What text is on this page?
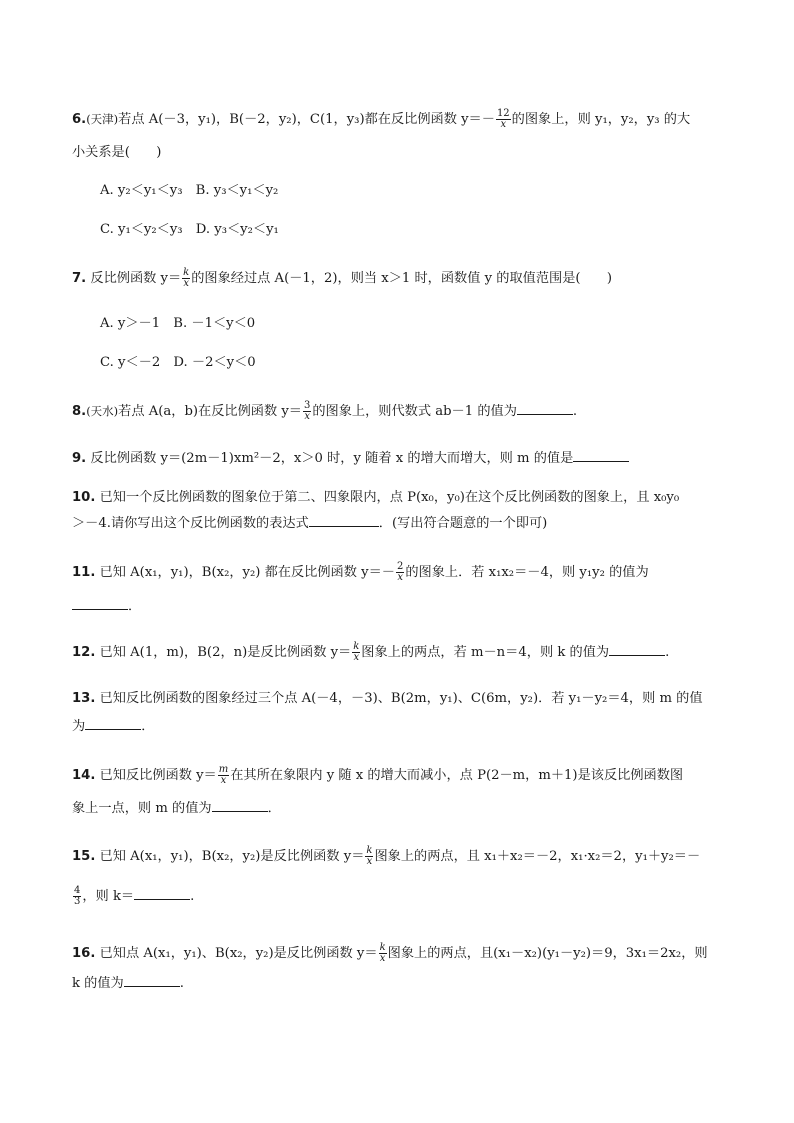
6.(天津)若点 A(－3，y₁)，B(－2，y₂)，C(1，y₃)都在反比例函数 $y=- \frac{12}{x}$ 的图象上，则 y₁，y₂，y₃ 的大
小关系是(　　)
A. y₂＜y₁＜y₃　B. y₃＜y₁＜y₂
C. y₁＜y₂＜y₃　D. y₃＜y₂＜y₁
7. 反比例函数 $y= \frac{k}{x}$ 的图象经过点 A(－1，2)，则当 x＞1 时，函数值 y 的取值范围是(　　)
A. y＞－1　B. －1＜y＜0
C. y＜－2　D. －2＜y＜0
8.(天水)若点 A(a，b)在反比例函数 $y= \frac{3}{x}$ 的图象上，则代数式 ab－1 的值为	.
9. 反比例函数 y＝(2m－1)xm²－2，x＞0 时，y 随着 x 的增大而增大，则 m 的值是
10. 已知一个反比例函数的图象位于第二、四象限内，点 P(x₀，y₀)在这个反比例函数的图象上，且 x₀y₀
＞－4.请你写出这个反比例函数的表达式	．(写出符合题意的一个即可)
11. 已知 A(x₁，y₁)，B(x₂，y₂) 都在反比例函数 $y=- \frac{2}{x}$ 的图象上．若 x₁x₂＝－4，则 y₁y₂ 的值为
．
12. 已知 A(1，m)，B(2，n)是反比例函数 $y= \frac{k}{x}$ 图象上的两点，若 m－n＝4，则 k 的值为	.
13. 已知反比例函数的图象经过三个点 A(－4，－3)、B(2m，y₁)、C(6m，y₂)．若 y₁－y₂＝4，则 m 的值
为	．
14. 已知反比例函数 $y= \frac{m}{x}$ 在其所在象限内 y 随 x 的增大而减小，点 P(2－m，m＋1)是该反比例函数图
象上一点，则 m 的值为	．
15. 已知 A(x₁，y₁)，B(x₂，y₂)是反比例函数 $y= \frac{k}{x}$ 图象上的两点，且 x₁＋x₂＝－2，x₁·x₂＝2，y₁＋y₂＝－
$\frac{4}{3}$ ，则 k＝	.
16. 已知点 A(x₁，y₁)、B(x₂，y₂)是反比例函数 $y= \frac{k}{x}$ 图象上的两点，且(x₁－x₂)(y₁－y₂)＝9，3x₁＝2x₂，则
k 的值为	.
